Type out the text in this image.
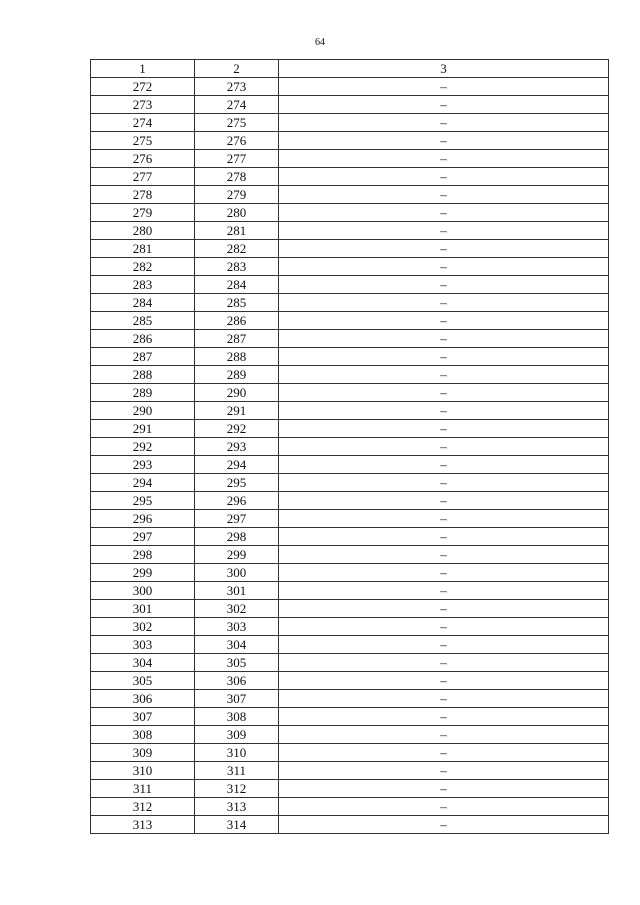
64
1	2	3
272	273	–
273	274	–
274	275	–
275	276	–
276	277	–
277	278	–
278	279	–
279	280	–
280	281	–
281	282	–
282	283	–
283	284	–
284	285	–
285	286	–
286	287	–
287	288	–
288	289	–
289	290	–
290	291	–
291	292	–
292	293	–
293	294	–
294	295	–
295	296	–
296	297	–
297	298	–
298	299	–
299	300	–
300	301	–
301	302	–
302	303	–
303	304	–
304	305	–
305	306	–
306	307	–
307	308	–
308	309	–
309	310	–
310	311	–
311	312	–
312	313	–
313	314	–
